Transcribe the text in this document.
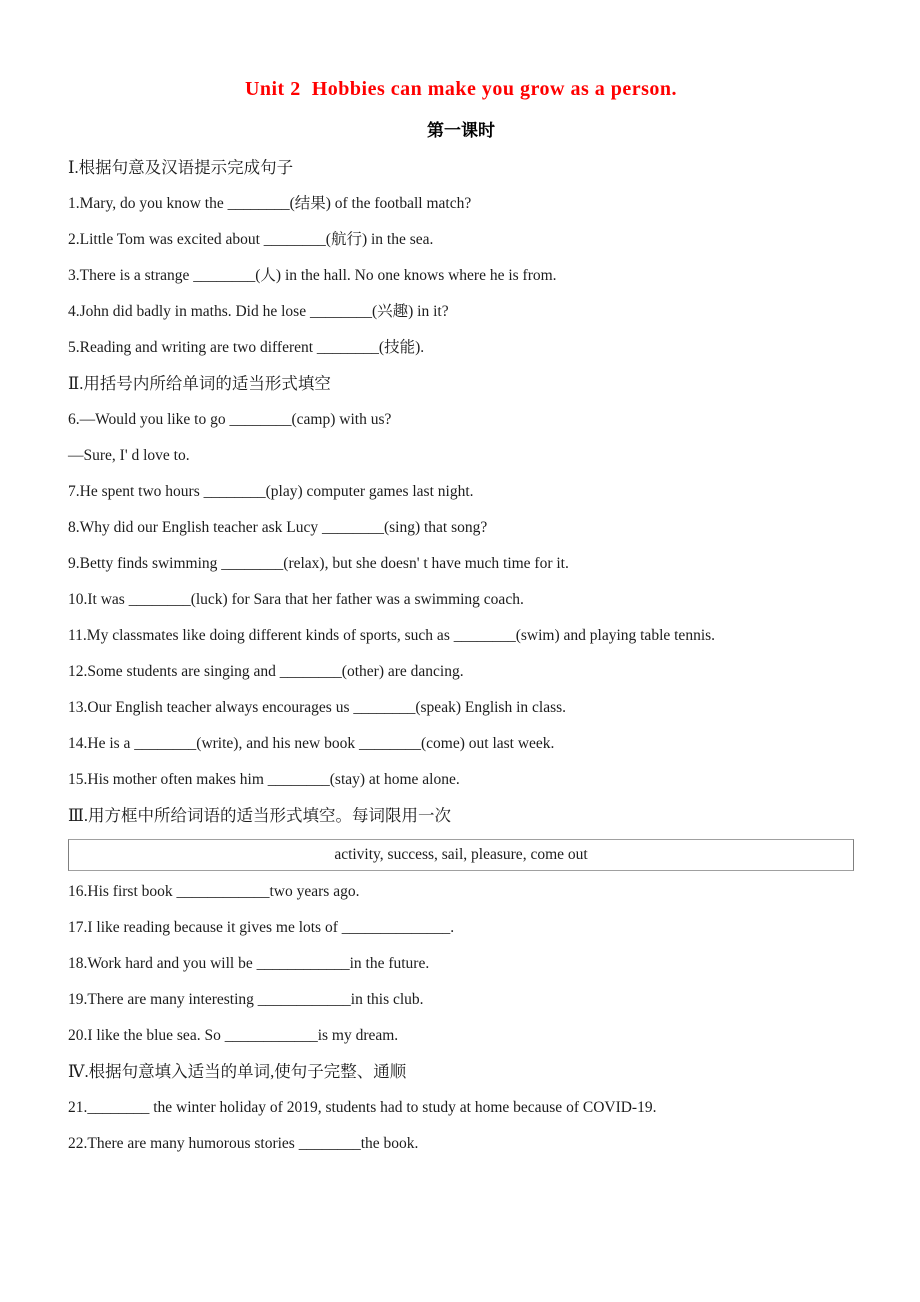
Unit 2  Hobbies can make you grow as a person.
第一课时

Ⅰ.根据句意及汉语提示完成句子

1.Mary, do you know the ________(结果) of the football match?

2.Little Tom was excited about ________(航行) in the sea.

3.There is a strange ________(人) in the hall. No one knows where he is from.

4.John did badly in maths. Did he lose ________(兴趣) in it?

5.Reading and writing are two different ________(技能).

Ⅱ.用括号内所给单词的适当形式填空

6.—Would you like to go ________(camp) with us?

—Sure, I' d love to.

7.He spent two hours ________(play) computer games last night.

8.Why did our English teacher ask Lucy ________(sing) that song?

9.Betty finds swimming ________(relax), but she doesn' t have much time for it.

10.It was ________(luck) for Sara that her father was a swimming coach.

11.My classmates like doing different kinds of sports, such as ________(swim) and playing table tennis.

12.Some students are singing and ________(other) are dancing.

13.Our English teacher always encourages us ________(speak) English in class.

14.He is a ________(write), and his new book ________(come) out last week.

15.His mother often makes him ________(stay) at home alone.

Ⅲ.用方框中所给词语的适当形式填空。每词限用一次

activity, success, sail, pleasure, come out

16.His first book ____________two years ago.

17.I like reading because it gives me lots of ______________.

18.Work hard and you will be ____________in the future.

19.There are many interesting ____________in this club.

20.I like the blue sea. So ____________is my dream.

Ⅳ.根据句意填入适当的单词,使句子完整、通顺

21.________ the winter holiday of 2019, students had to study at home because of COVID-19.

22.There are many humorous stories ________the book.
